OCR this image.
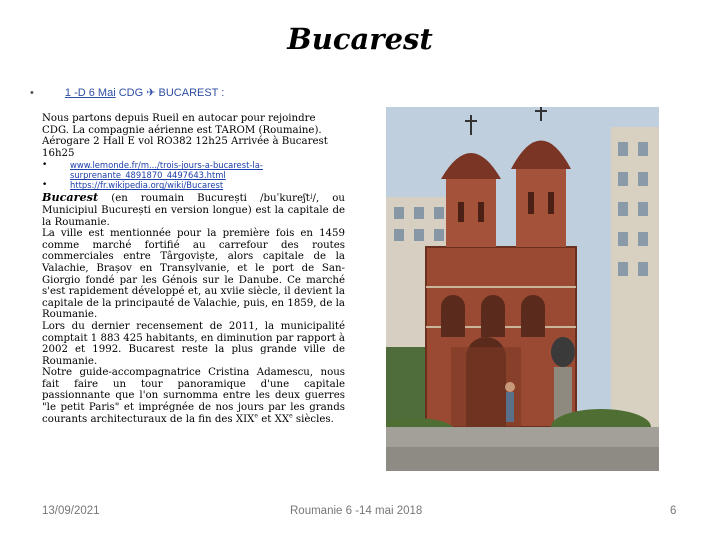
Bucarest
•	1 -D 6 Mai CDG ✈ BUCAREST :

Nous partons depuis Rueil en autocar pour rejoindre CDG. La compagnie aérienne est TAROM (Roumaine).

Aérogare 2 Hall E vol RO382 12h25 Arrivée à Bucarest 16h25

• www.lemonde.fr/m.../trois-jours-a-bucarest-la-surprenante_4891870_4497643.html
• https://fr.wikipedia.org/wiki/Bucarest

Bucarest (en roumain București /buˈkureʃtʲ/, ou Municipiul București en version longue) est la capitale de la Roumanie.

La ville est mentionnée pour la première fois en 1459 comme marché fortifié au carrefour des routes commerciales entre Târgoviște, alors capitale de la Valachie, Brașov en Transylvanie, et le port de San-Giorgio fondé par les Génois sur le Danube. Ce marché s'est rapidement développé et, au xviie siècle, il devient la capitale de la principauté de Valachie, puis, en 1859, de la Roumanie.

Lors du dernier recensement de 2011, la municipalité comptait 1 883 425 habitants, en diminution par rapport à 2002 et 1992. Bucarest reste la plus grande ville de Roumanie.

Notre guide-accompagnatrice Cristina Adamescu, nous fait faire un tour panoramique d'une capitale passionnante que l'on surnomma entre les deux guerres "le petit Paris" et imprégnée de nos jours par les grands courants architecturaux de la fin des XIXe et XXe siècles.

13/09/2021	Roumanie 6 -14 mai 2018	6
